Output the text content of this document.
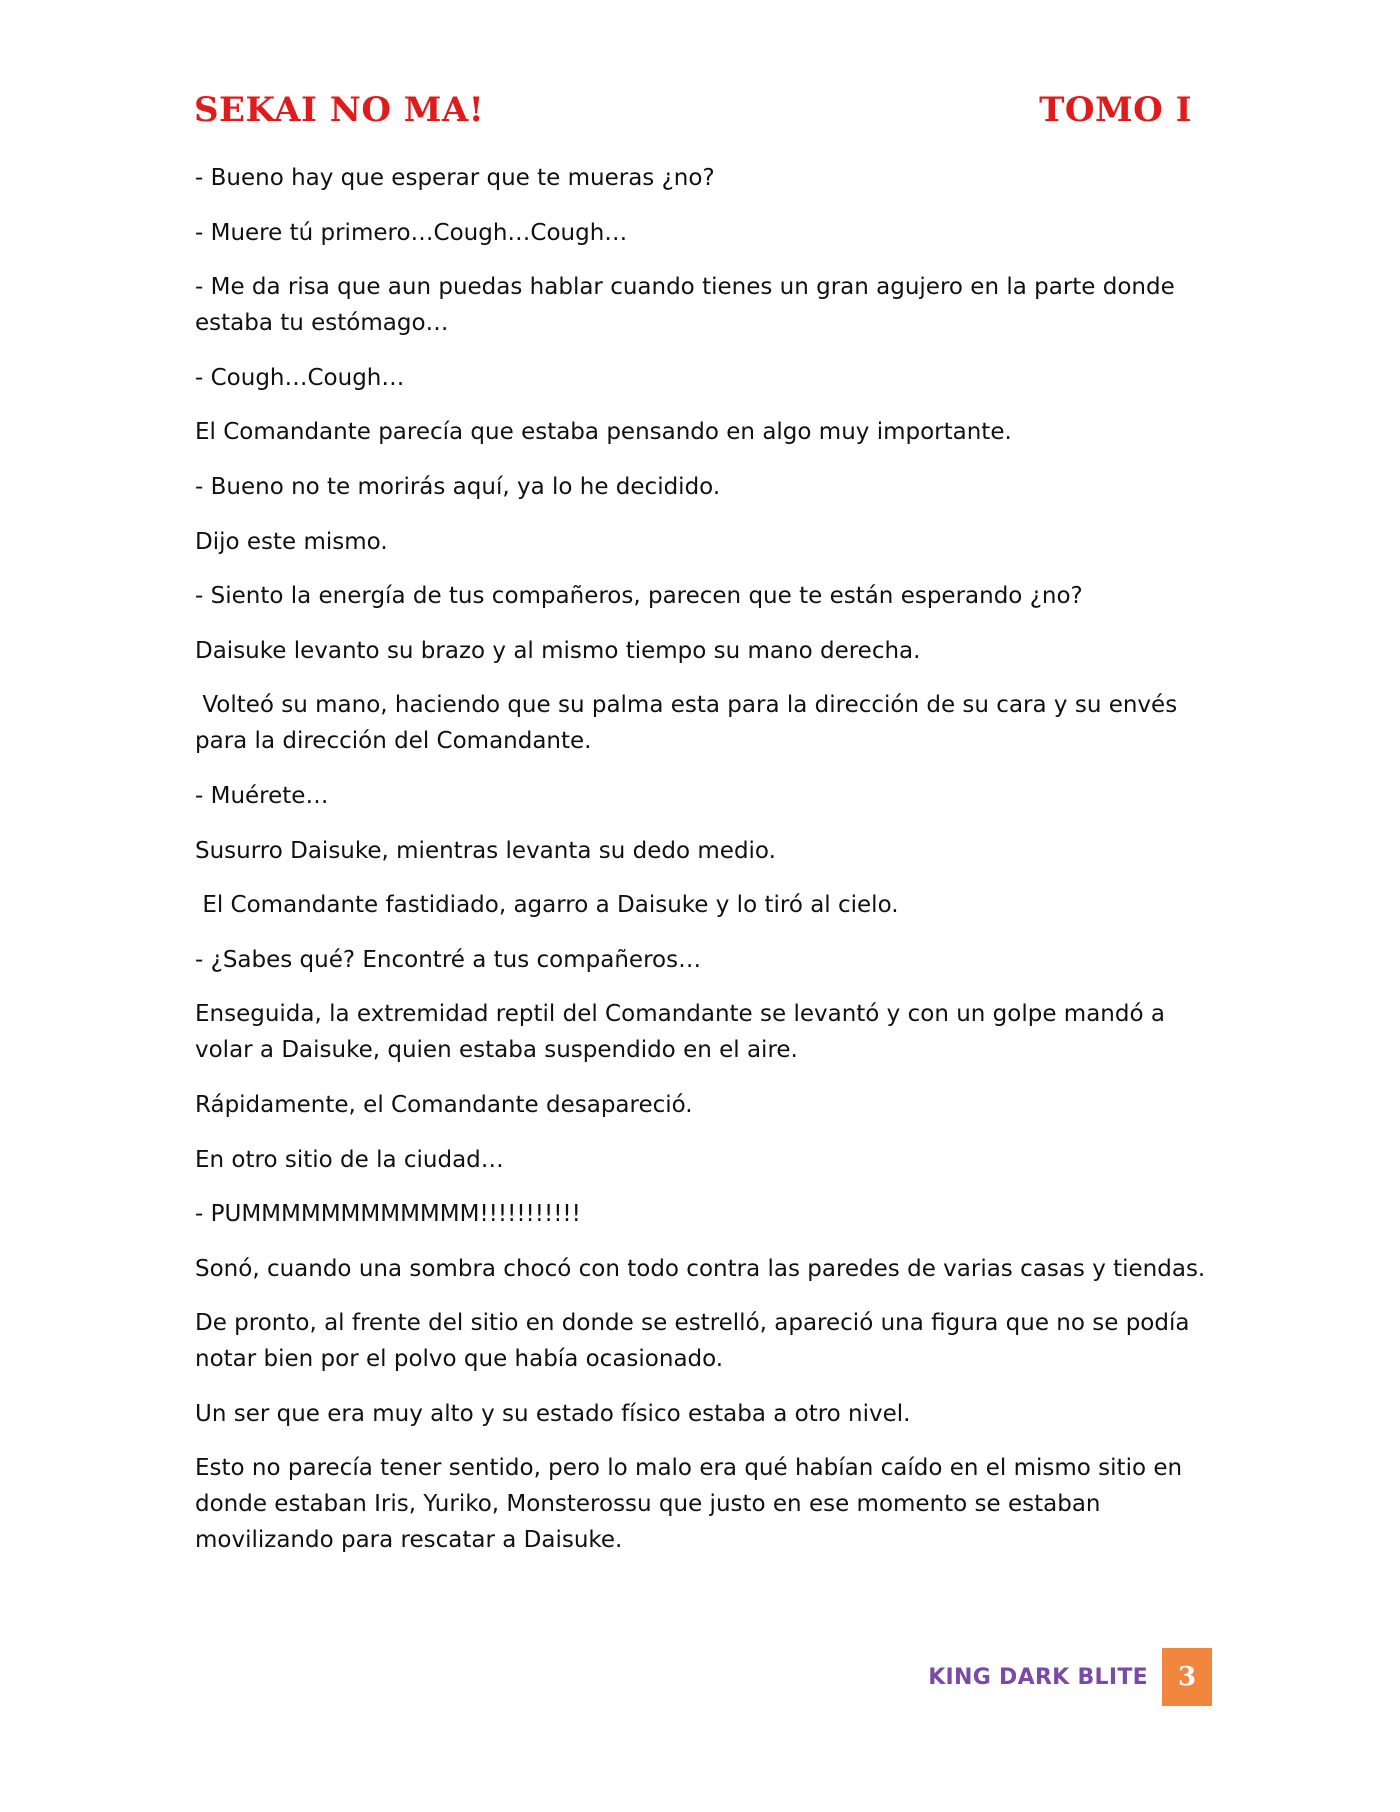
SEKAI NO MA!	TOMO I

- Bueno hay que esperar que te mueras ¿no?

- Muere tú primero…Cough…Cough…

- Me da risa que aun puedas hablar cuando tienes un gran agujero en la parte donde estaba tu estómago…

- Cough…Cough…

El Comandante parecía que estaba pensando en algo muy importante.

- Bueno no te morirás aquí, ya lo he decidido.

Dijo este mismo.

- Siento la energía de tus compañeros, parecen que te están esperando ¿no?

Daisuke levanto su brazo y al mismo tiempo su mano derecha.

Volteó su mano, haciendo que su palma esta para la dirección de su cara y su envés para la dirección del Comandante.

- Muérete…

Susurro Daisuke, mientras levanta su dedo medio.

El Comandante fastidiado, agarro a Daisuke y lo tiró al cielo.

- ¿Sabes qué? Encontré a tus compañeros…

Enseguida, la extremidad reptil del Comandante se levantó y con un golpe mandó a volar a Daisuke, quien estaba suspendido en el aire.

Rápidamente, el Comandante desapareció.

En otro sitio de la ciudad…

- PUMMMMMMMMMMMM!!!!!!!!!!!

Sonó, cuando una sombra chocó con todo contra las paredes de varias casas y tiendas.

De pronto, al frente del sitio en donde se estrelló, apareció una figura que no se podía notar bien por el polvo que había ocasionado.

Un ser que era muy alto y su estado físico estaba a otro nivel.

Esto no parecía tener sentido, pero lo malo era qué habían caído en el mismo sitio en donde estaban Iris, Yuriko, Monsterossu que justo en ese momento se estaban movilizando para rescatar a Daisuke.

KING DARK BLITE	3
